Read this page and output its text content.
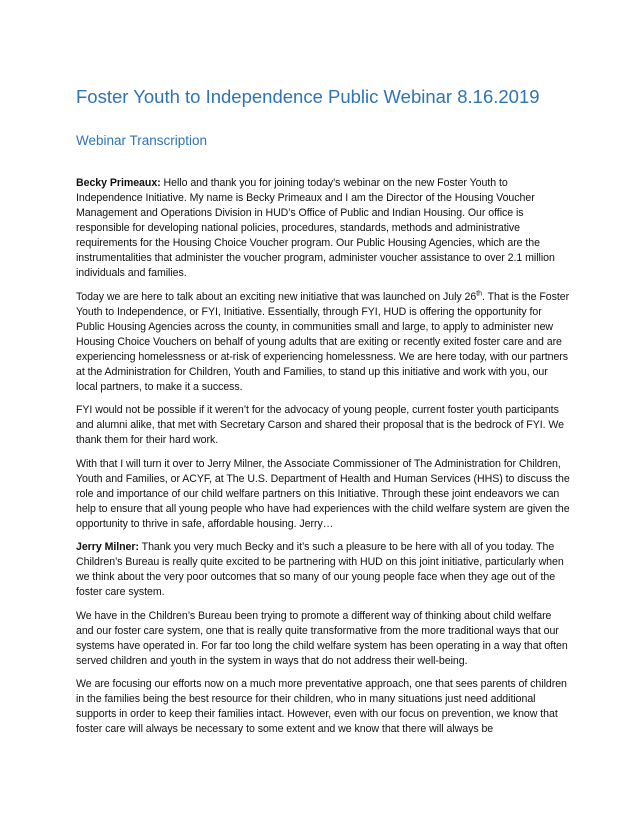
Foster Youth to Independence Public Webinar 8.16.2019
Webinar Transcription

Becky Primeaux: Hello and thank you for joining today’s webinar on the new Foster Youth to Independence Initiative. My name is Becky Primeaux and I am the Director of the Housing Voucher Management and Operations Division in HUD’s Office of Public and Indian Housing. Our office is responsible for developing national policies, procedures, standards, methods and administrative requirements for the Housing Choice Voucher program. Our Public Housing Agencies, which are the instrumentalities that administer the voucher program, administer voucher assistance to over 2.1 million individuals and families.

Today we are here to talk about an exciting new initiative that was launched on July 26th. That is the Foster Youth to Independence, or FYI, Initiative. Essentially, through FYI, HUD is offering the opportunity for Public Housing Agencies across the county, in communities small and large, to apply to administer new Housing Choice Vouchers on behalf of young adults that are exiting or recently exited foster care and are experiencing homelessness or at-risk of experiencing homelessness. We are here today, with our partners at the Administration for Children, Youth and Families, to stand up this initiative and work with you, our local partners, to make it a success.

FYI would not be possible if it weren’t for the advocacy of young people, current foster youth participants and alumni alike, that met with Secretary Carson and shared their proposal that is the bedrock of FYI. We thank them for their hard work.

With that I will turn it over to Jerry Milner, the Associate Commissioner of The Administration for Children, Youth and Families, or ACYF, at The U.S. Department of Health and Human Services (HHS) to discuss the role and importance of our child welfare partners on this Initiative. Through these joint endeavors we can help to ensure that all young people who have had experiences with the child welfare system are given the opportunity to thrive in safe, affordable housing. Jerry…

Jerry Milner: Thank you very much Becky and it’s such a pleasure to be here with all of you today. The Children’s Bureau is really quite excited to be partnering with HUD on this joint initiative, particularly when we think about the very poor outcomes that so many of our young people face when they age out of the foster care system.

We have in the Children’s Bureau been trying to promote a different way of thinking about child welfare and our foster care system, one that is really quite transformative from the more traditional ways that our systems have operated in. For far too long the child welfare system has been operating in a way that often served children and youth in the system in ways that do not address their well-being.

We are focusing our efforts now on a much more preventative approach, one that sees parents of children in the families being the best resource for their children, who in many situations just need additional supports in order to keep their families intact. However, even with our focus on prevention, we know that foster care will always be necessary to some extent and we know that there will always be
